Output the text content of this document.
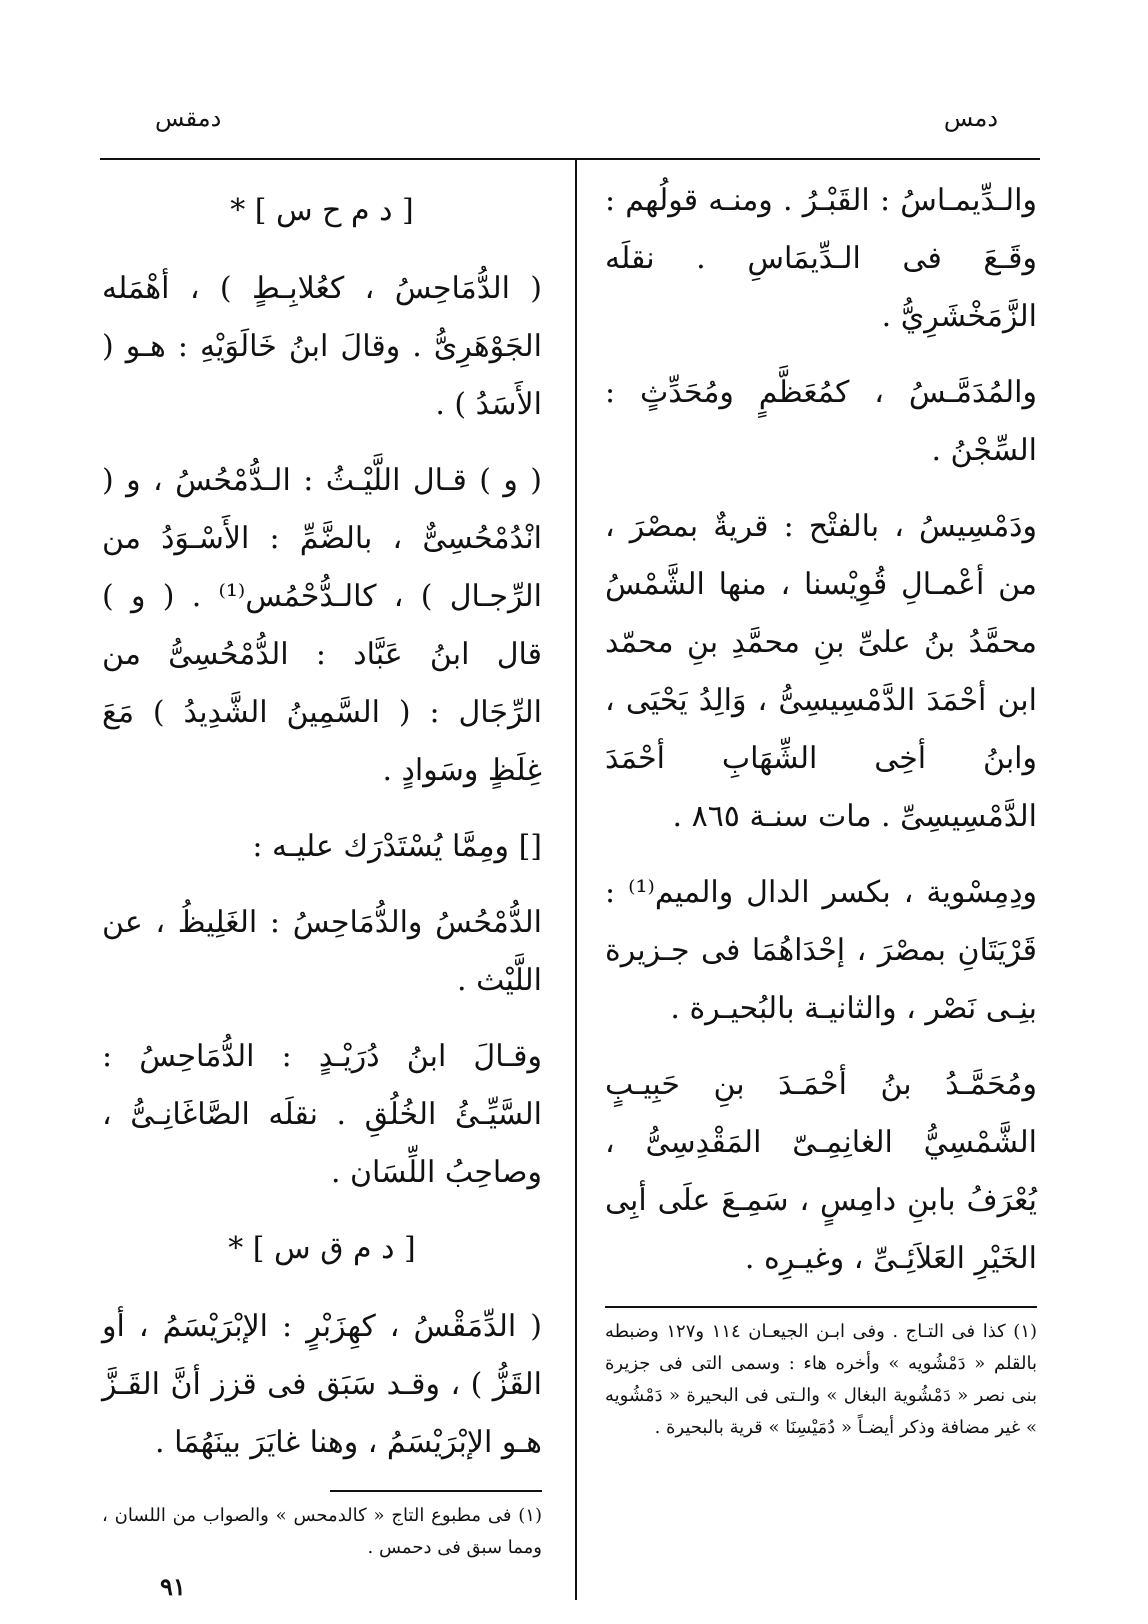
دمس
دمقس

والـدِّيمـاسُ : القَبْـرُ . ومنـه قولُهم : وقَـعَ فى الـدِّيمَاسِ . نقلَه الزَّمَخْشَرِيُّ .

والمُدَمَّـسُ ، كمُعَظَّمٍ ومُحَدِّثٍ : السِّجْنُ .

ودَمْسِيسُ ، بالفتْح : قريةٌ بمصْرَ ، من أعْمـالِ قُوِيْسنا ، منها الشَّمْسُ محمَّدُ بنُ علىِّ بنِ محمَّدِ بنِ محمّد ابن أحْمَدَ الدَّمْسِيسِىُّ ، وَالِدُ يَحْيَى ، وابنُ أخِى الشِّهَابِ أحْمَدَ الدَّمْسِيسِىِّ . مات سنـة ٨٦٥ .

ودِمِسْوية ، بكسر الدال والميم⁽¹⁾ : قَرْيَتَانِ بمصْرَ ، إحْدَاهُمَا فى جـزيرة بنِـى نَصْر ، والثانيـة بالبُحيـرة .

ومُحَمَّـدُ بنُ أحْمَـدَ بنِ حَبِيـبٍ الشَّمْسِيُّ الغانِمِـىّ المَقْدِسِىُّ ، يُعْرَفُ بابنِ دامِسٍ ، سَمِـعَ علَى أبِى الخَيْرِ العَلاَئِـىِّ ، وغيـرِه .

(١) كذا فى التـاج . وفى ابـن الجيعـان ١١٤ و١٢٧ وضبطه بالقلم « دَمْشُويه » وأخره هاء : وسمى التى فى جزيرة بنى نصر « دَمْشُوية البغال » والـتى فى البحيرة « دَمْشُويه » غير مضافة وذكر أيضـاً « دُمَيْسِنَا » قرية بالبحيرة .

[ د م ح س ] *

( الدُّمَاحِسُ ، كعُلابِـطٍ ) ، أهْمَله الجَوْهَرِىُّ . وقالَ ابنُ خَالَوَيْهِ : هـو ( الأَسَدُ ) .

( و ) قـال اللَّيْـثُ : الـدُّمْحُسُ ، و ( انْدُمْحُسِىٌّ ، بالضَّمِّ : الأَسْـوَدُ من الرِّجـال ) ، كالـدُّحْمُس⁽¹⁾ . ( و ) قال ابنُ عَبَّاد : الدُّمْحُسِىُّ من الرِّجَال : ( السَّمِينُ الشَّدِيدُ ) مَعَ غِلَظٍ وسَوادٍ .

[] ومِمَّا يُسْتَدْرَك عليـه :

الدُّمْحُسُ والدُّمَاحِسُ : الغَلِيظُ ، عن اللَّيْث .

وقـالَ ابنُ دُرَيْـدٍ : الدُّمَاحِسُ : السَّيِّـئُ الخُلُقِ . نقلَه الصَّاغَانِـىُّ ، وصاحِبُ اللِّسَان .

[ د م ق س ] *

( الدِّمَقْسُ ، كهِزَبْرٍ : الإبْرَيْسَمُ ، أو القَزُّ ) ، وقـد سَبَق فى قزز أنَّ القَـزَّ هـو الإبْرَيْسَمُ ، وهنا غايَرَ بينَهُمَا .

(١) فى مطبوع التاج « كالدمحس » والصواب من اللسان ، ومما سبق فى دحمس .

٩١
